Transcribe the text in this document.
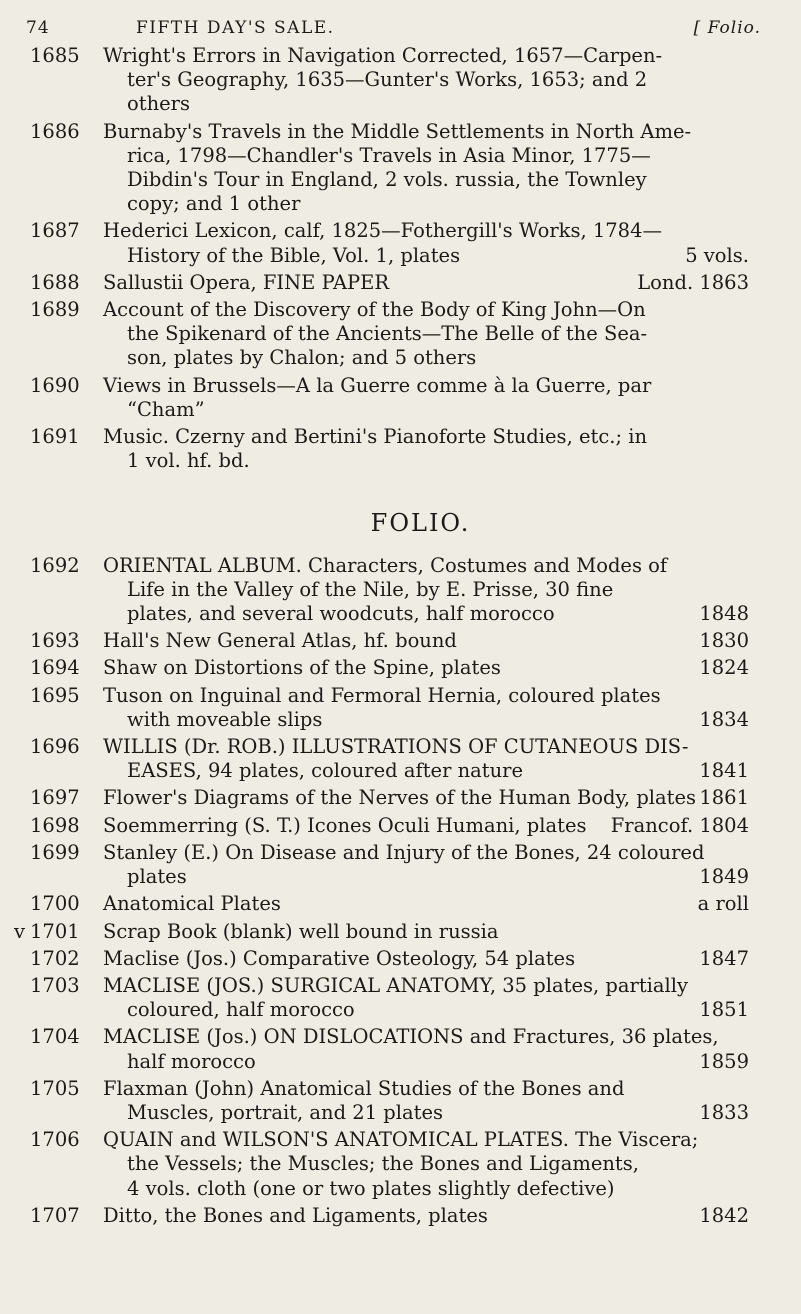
74	FIFTH DAY'S SALE.	[ Folio.
1685	Wright's Errors in Navigation Corrected, 1657—Carpen-

ter's Geography, 1635—Gunter's Works, 1653; and 2

others

1686	Burnaby's Travels in the Middle Settlements in North Ame-

rica, 1798—Chandler's Travels in Asia Minor, 1775—

Dibdin's Tour in England, 2 vols. russia, the Townley

copy; and 1 other

1687	Hederici Lexicon, calf, 1825—Fothergill's Works, 1784—

History of the Bible, Vol. 1, plates	5 vols.

1688	Sallustii Opera, FINE PAPER	Lond. 1863

1689	Account of the Discovery of the Body of King John—On

the Spikenard of the Ancients—The Belle of the Sea-

son, plates by Chalon; and 5 others

1690	Views in Brussels—A la Guerre comme à la Guerre, par

“Cham”

1691	Music. Czerny and Bertini's Pianoforte Studies, etc.; in

1 vol. hf. bd.

FOLIO.
1692	ORIENTAL ALBUM. Characters, Costumes and Modes of

Life in the Valley of the Nile, by E. Prisse, 30 fine

plates, and several woodcuts, half morocco	1848

1693	Hall's New General Atlas, hf. bound	1830

1694	Shaw on Distortions of the Spine, plates	1824

1695	Tuson on Inguinal and Fermoral Hernia, coloured plates

with moveable slips	1834

1696	WILLIS (Dr. ROB.) ILLUSTRATIONS OF CUTANEOUS DIS-

EASES, 94 plates, coloured after nature	1841

1697	Flower's Diagrams of the Nerves of the Human Body, plates 1861

1698	Soemmerring (S. T.) Icones Oculi Humani, plates Francof. 1804

1699	Stanley (E.) On Disease and Injury of the Bones, 24 coloured

plates	1849

1700	Anatomical Plates	a roll

v 1701	Scrap Book (blank) well bound in russia

1702	Maclise (Jos.) Comparative Osteology, 54 plates	1847

1703	MACLISE (JOS.) SURGICAL ANATOMY, 35 plates, partially

coloured, half morocco	1851

1704	MACLISE (Jos.) ON DISLOCATIONS and Fractures, 36 plates,

half morocco	1859

1705	Flaxman (John) Anatomical Studies of the Bones and

Muscles, portrait, and 21 plates	1833

1706	QUAIN and WILSON'S ANATOMICAL PLATES. The Viscera;

the Vessels; the Muscles; the Bones and Ligaments,

4 vols. cloth (one or two plates slightly defective)

1707	Ditto, the Bones and Ligaments, plates	1842
